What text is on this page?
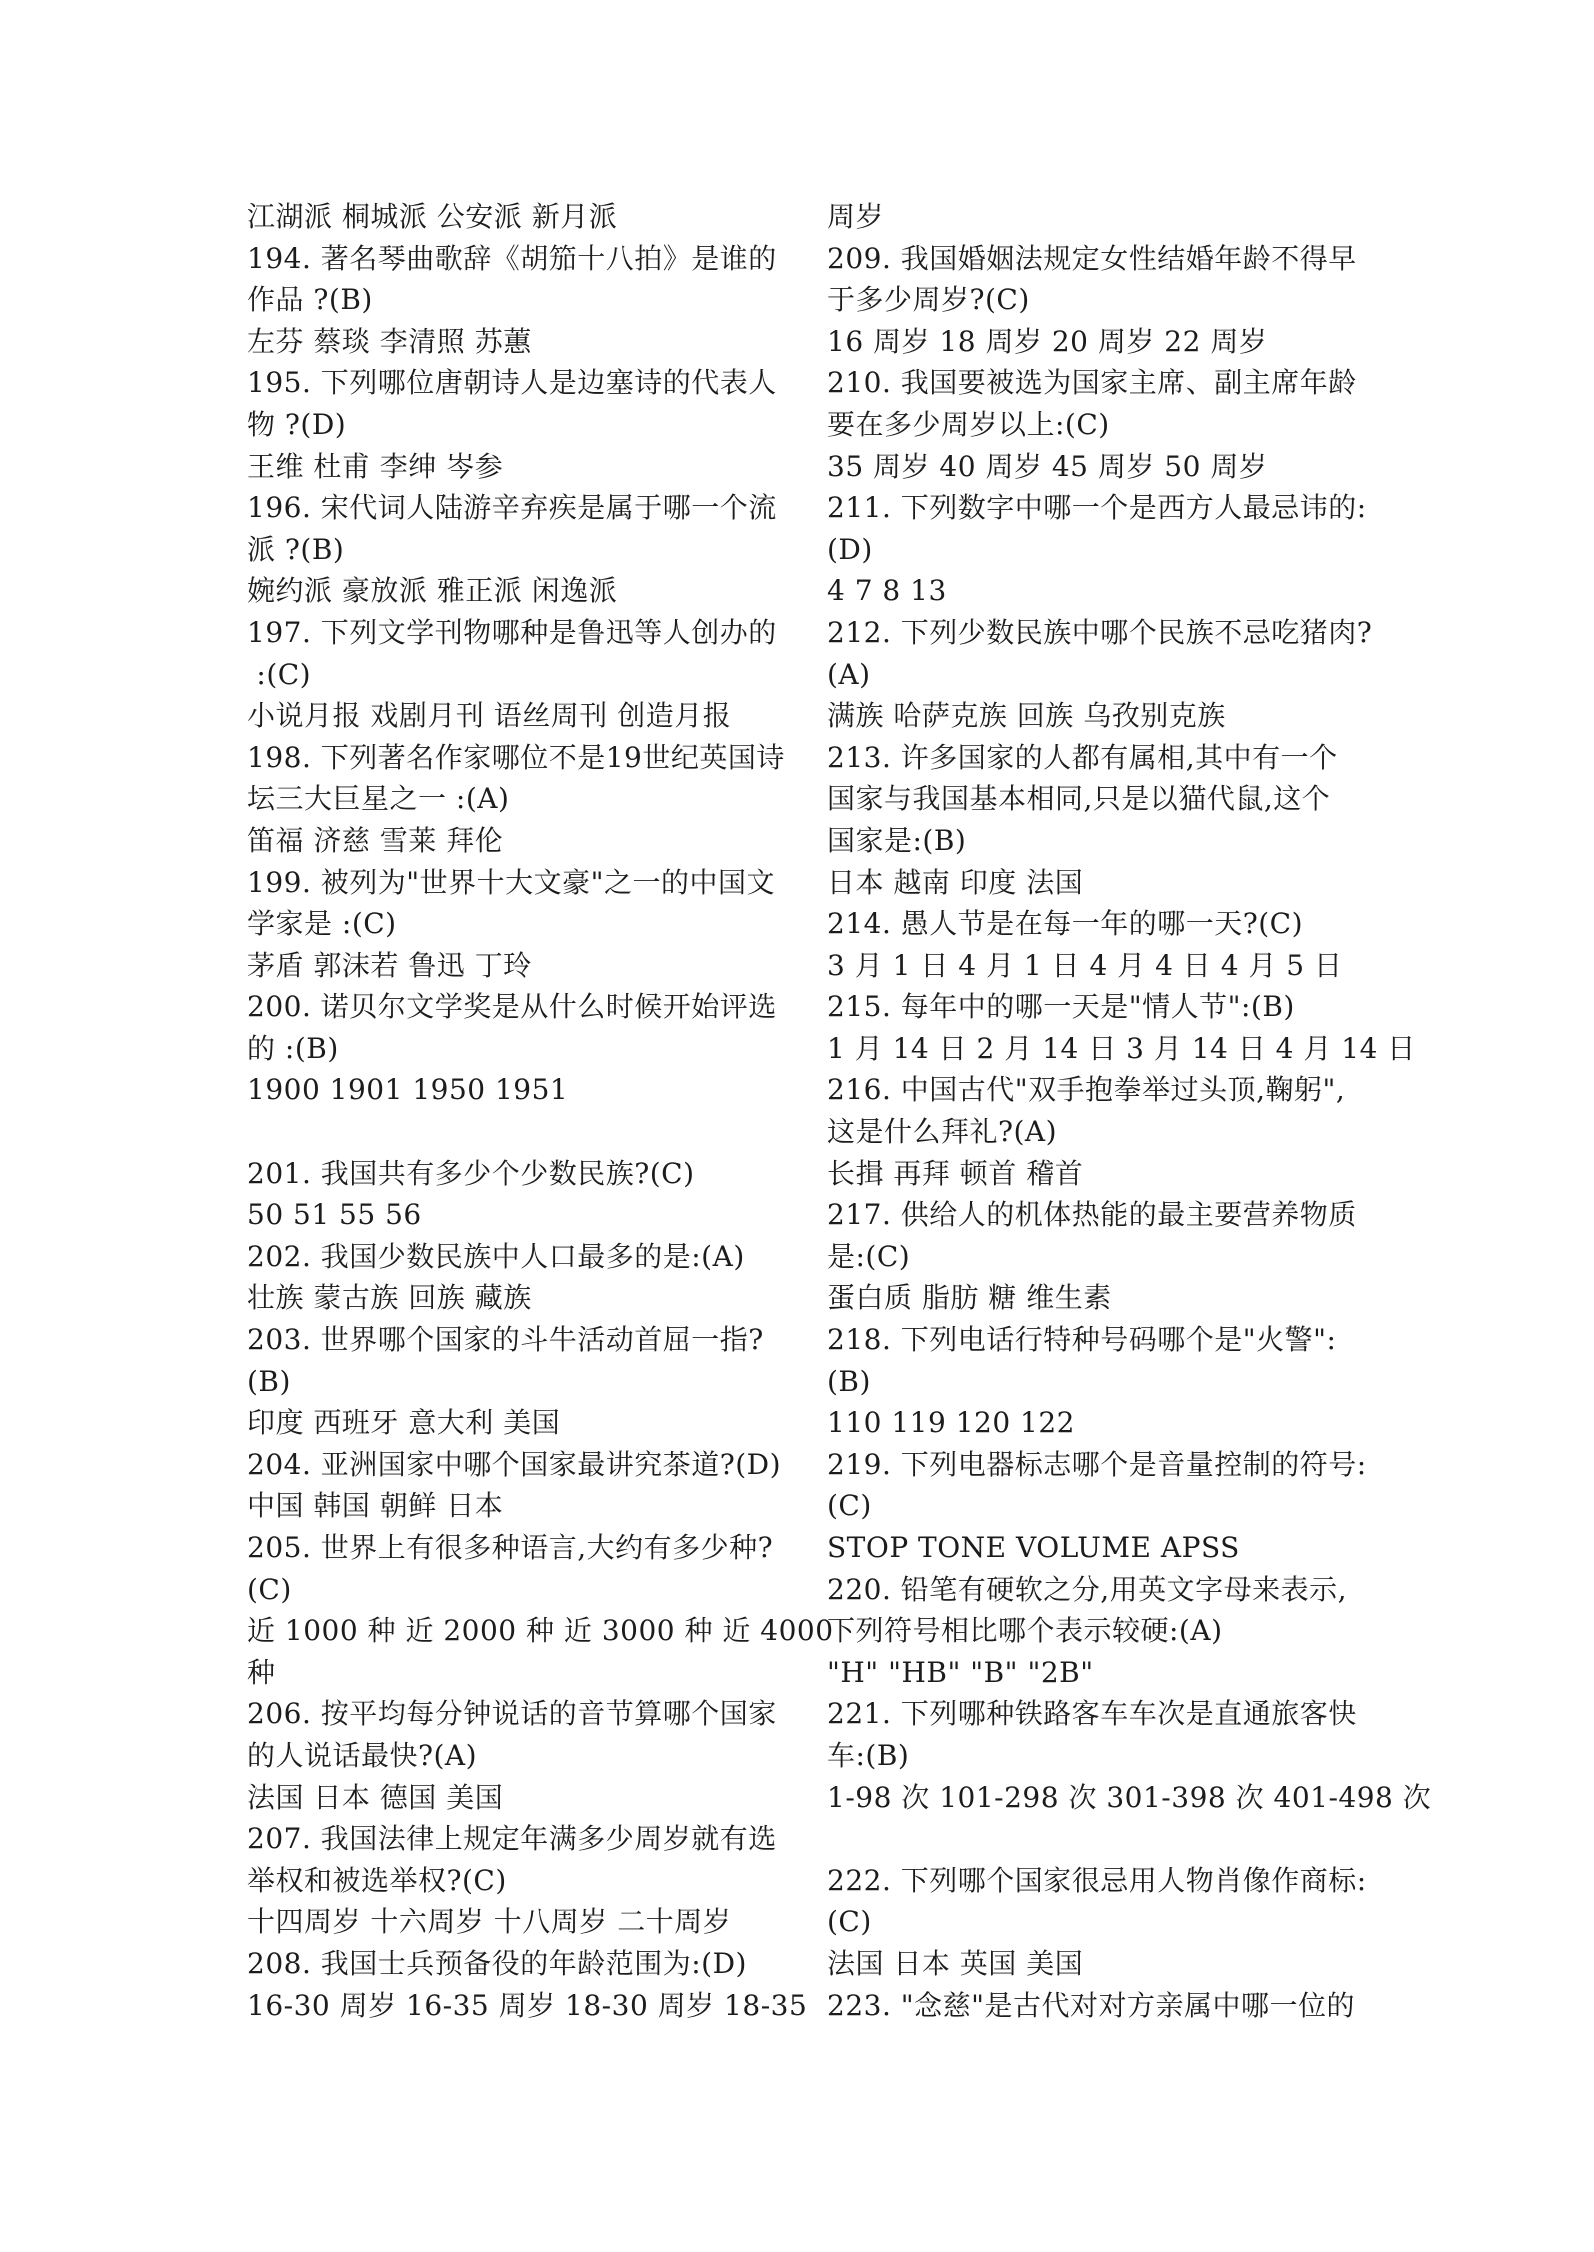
江湖派 桐城派 公安派 新月派
194. 著名琴曲歌辞《胡笳十八拍》是谁的
作品 ?(B)
左芬 蔡琰 李清照 苏蕙
195. 下列哪位唐朝诗人是边塞诗的代表人
物 ?(D)
王维 杜甫 李绅 岑参
196. 宋代词人陆游辛弃疾是属于哪一个流
派 ?(B)
婉约派 豪放派 雅正派 闲逸派
197. 下列文学刊物哪种是鲁迅等人创办的
:(C)
小说月报 戏剧月刊 语丝周刊 创造月报
198. 下列著名作家哪位不是19世纪英国诗
坛三大巨星之一 :(A)
笛福 济慈 雪莱 拜伦
199. 被列为"世界十大文豪"之一的中国文
学家是 :(C)
茅盾 郭沫若 鲁迅 丁玲
200. 诺贝尔文学奖是从什么时候开始评选
的 :(B)
1900 1901 1950 1951
201. 我国共有多少个少数民族?(C)
50 51 55 56
202. 我国少数民族中人口最多的是:(A)
壮族 蒙古族 回族 藏族
203. 世界哪个国家的斗牛活动首屈一指?
(B)
印度 西班牙 意大利 美国
204. 亚洲国家中哪个国家最讲究茶道?(D)
中国 韩国 朝鲜 日本
205. 世界上有很多种语言,大约有多少种?
(C)
近 1000 种 近 2000 种 近 3000 种 近 4000
种
206. 按平均每分钟说话的音节算哪个国家
的人说话最快?(A)
法国 日本 德国 美国
207. 我国法律上规定年满多少周岁就有选
举权和被选举权?(C)
十四周岁 十六周岁 十八周岁 二十周岁
208. 我国士兵预备役的年龄范围为:(D)
16-30 周岁 16-35 周岁 18-30 周岁 18-35
周岁
209. 我国婚姻法规定女性结婚年龄不得早
于多少周岁?(C)
16 周岁 18 周岁 20 周岁 22 周岁
210. 我国要被选为国家主席、副主席年龄
要在多少周岁以上:(C)
35 周岁 40 周岁 45 周岁 50 周岁
211. 下列数字中哪一个是西方人最忌讳的:
(D)
4 7 8 13
212. 下列少数民族中哪个民族不忌吃猪肉?
(A)
满族 哈萨克族 回族 乌孜别克族
213. 许多国家的人都有属相,其中有一个
国家与我国基本相同,只是以猫代鼠,这个
国家是:(B)
日本 越南 印度 法国
214. 愚人节是在每一年的哪一天?(C)
3 月 1 日 4 月 1 日 4 月 4 日 4 月 5 日
215. 每年中的哪一天是"情人节":(B)
1 月 14 日 2 月 14 日 3 月 14 日 4 月 14 日
216. 中国古代"双手抱拳举过头顶,鞠躬",
这是什么拜礼?(A)
长揖 再拜 顿首 稽首
217. 供给人的机体热能的最主要营养物质
是:(C)
蛋白质 脂肪 糖 维生素
218. 下列电话行特种号码哪个是"火警":
(B)
110 119 120 122
219. 下列电器标志哪个是音量控制的符号:
(C)
STOP TONE VOLUME APSS
220. 铅笔有硬软之分,用英文字母来表示,
下列符号相比哪个表示较硬:(A)
"H" "HB" "B" "2B"
221. 下列哪种铁路客车车次是直通旅客快
车:(B)
1-98 次 101-298 次 301-398 次 401-498 次
222. 下列哪个国家很忌用人物肖像作商标:
(C)
法国 日本 英国 美国
223. "念慈"是古代对对方亲属中哪一位的
